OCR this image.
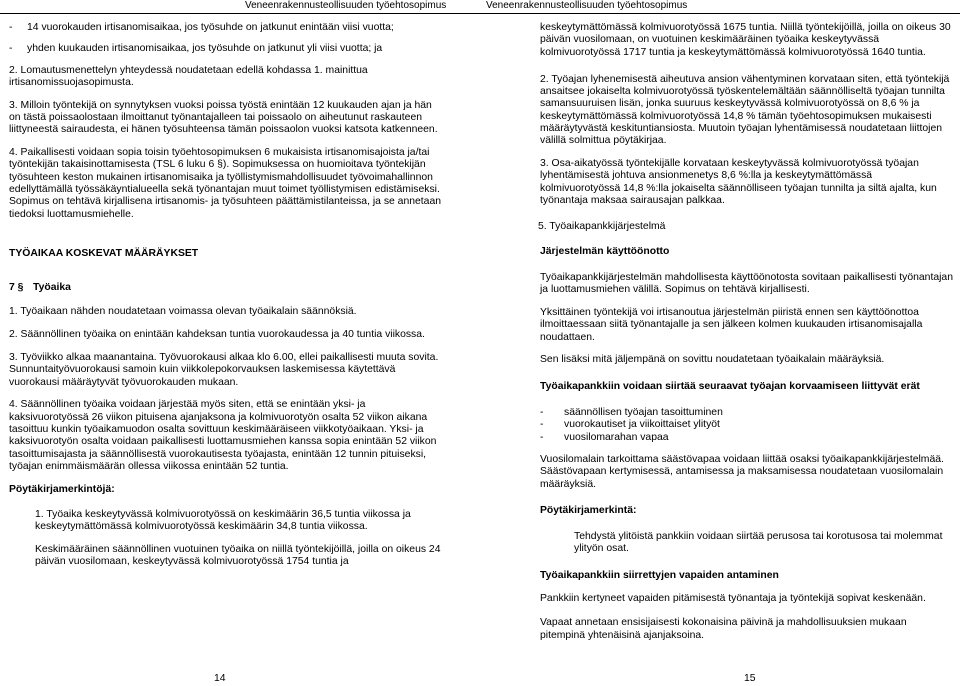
Veneenrakennusteollisuuden työehtosopimus

- 14 vuorokauden irtisanomisaikaa, jos työsuhde on jatkunut enintään viisi vuotta;

- yhden kuukauden irtisanomisaikaa, jos työsuhde on jatkunut yli viisi vuotta; ja

2. Lomautusmenettelyn yhteydessä noudatetaan edellä kohdassa 1. mainittua irtisanomissuojasopimusta.

3. Milloin työntekijä on synnytyksen vuoksi poissa työstä enintään 12 kuukauden ajan ja hän on tästä poissaolostaan ilmoittanut työnantajalleen tai poissaolo on aiheutunut raskauteen liittyneestä sairaudesta, ei hänen työsuhteensa tämän poissaolon vuoksi katsota katkenneen.

4. Paikallisesti voidaan sopia toisin työehtosopimuksen 6 mukaisista irtisanomisajoista ja/tai työntekijän takaisinottamisesta (TSL 6 luku 6 §). Sopimuksessa on huomioitava työntekijän työsuhteen keston mukainen irtisanomisaika ja työllistymismahdollisuudet työvoimahallinnon edellyttämällä työssäkäyntialueella sekä työnantajan muut toimet työllistymisen edistämiseksi. Sopimus on tehtävä kirjallisena irtisanomis- ja työsuhteen päättämistilanteissa, ja se annetaan tiedoksi luottamusmiehelle.

TYÖAIKAA KOSKEVAT MÄÄRÄYKSET

7 § Työaika

1. Työaikaan nähden noudatetaan voimassa olevan työaikalain säännöksiä.

2. Säännöllinen työaika on enintään kahdeksan tuntia vuorokaudessa ja 40 tuntia viikossa.

3. Työviikko alkaa maanantaina. Työvuorokausi alkaa klo 6.00, ellei paikallisesti muuta sovita. Sunnuntaityövuorokausi samoin kuin viikkolepokorvauksen laskemisessa käytettävä vuorokausi määräytyvät työvuorokauden mukaan.

4. Säännöllinen työaika voidaan järjestää myös siten, että se enintään yksi- ja kaksivuorotyössä 26 viikon pituisena ajanjaksona ja kolmivuorotyön osalta 52 viikon aikana tasoittuu kunkin työaikamuodon osalta sovittuun keskimääräiseen viikkotyöaikaan. Yksi- ja kaksivuorotyön osalta voidaan paikallisesti luottamusmiehen kanssa sopia enintään 52 viikon tasoittumisajasta ja säännöllisestä vuorokautisesta työajasta, enintään 12 tunnin pituiseksi, työajan enimmäismäärän ollessa viikossa enintään 52 tuntia.

Pöytäkirjamerkintöjä:

1. Työaika keskeytyvässä kolmivuorotyössä on keskimäärin 36,5 tuntia viikossa ja keskeytymättömässä kolmivuorotyössä keskimäärin 34,8 tuntia viikossa.

Keskimääräinen säännöllinen vuotuinen työaika on niillä työntekijöillä, joilla on oikeus 24 päivän vuosilomaan, keskeytyvässä kolmivuorotyössä 1754 tuntia ja

14
Veneenrakennusteollisuuden työehtosopimus

keskeytymättömässä kolmivuorotyössä 1675 tuntia. Niillä työntekijöillä, joilla on oikeus 30 päivän vuosilomaan, on vuotuinen keskimääräinen työaika keskeytyvässä kolmivuorotyössä 1717 tuntia ja keskeytymättömässä kolmivuorotyössä 1640 tuntia.

2. Työajan lyhenemisestä aiheutuva ansion vähentyminen korvataan siten, että työntekijä ansaitsee jokaiselta kolmivuorotyössä työskentelemältään säännölliseltä työajan tunnilta samansuuruisen lisän, jonka suuruus keskeytyvässä kolmivuorotyössä on 8,6 % ja keskeytymättömässä kolmivuorotyössä 14,8 % tämän työehtosopimuksen mukaisesti määräytyvästä keskituntiansiosta. Muutoin työajan lyhentämisessä noudatetaan liittojen välillä solmittua pöytäkirjaa.

3. Osa-aikatyössä työntekijälle korvataan keskeytyvässä kolmivuorotyössä työajan lyhentämisestä johtuva ansionmenetys 8,6 %:lla ja keskeytymättömässä kolmivuorotyössä 14,8 %:lla jokaiselta säännölliseen työajan tunnilta ja siltä ajalta, kun työnantaja maksaa sairausajan palkkaa.

5. Työaikapankkijärjestelmä

Järjestelmän käyttöönotto

Työaikapankkijärjestelmän mahdollisesta käyttöönotosta sovitaan paikallisesti työnantajan ja luottamusmiehen välillä. Sopimus on tehtävä kirjallisesti.

Yksittäinen työntekijä voi irtisanoutua järjestelmän piiristä ennen sen käyttöönottoa ilmoittaessaan siitä työnantajalle ja sen jälkeen kolmen kuukauden irtisanomisajalla noudattaen.

Sen lisäksi mitä jäljempänä on sovittu noudatetaan työaikalain määräyksiä.

Työaikapankkiin voidaan siirtää seuraavat työajan korvaamiseen liittyvät erät

- säännöllisen työajan tasoittuminen
- vuorokautiset ja viikoittaiset ylityöt
- vuosilomarahan vapaa

Vuosilomalain tarkoittama säästövapaa voidaan liittää osaksi työaikapankkijärjestelmää. Säästövapaan kertymisessä, antamisessa ja maksamisessa noudatetaan vuosilomalain määräyksiä.

Pöytäkirjamerkintä:

Tehdystä ylitöistä pankkiin voidaan siirtää perusosa tai korotusosa tai molemmat ylityön osat.

Työaikapankkiin siirrettyjen vapaiden antaminen

Pankkiin kertyneet vapaiden pitämisestä työnantaja ja työntekijä sopivat keskenään.

Vapaat annetaan ensisijaisesti kokonaisina päivinä ja mahdollisuuksien mukaan pitempinä yhtenäisinä ajanjaksoina.

15
